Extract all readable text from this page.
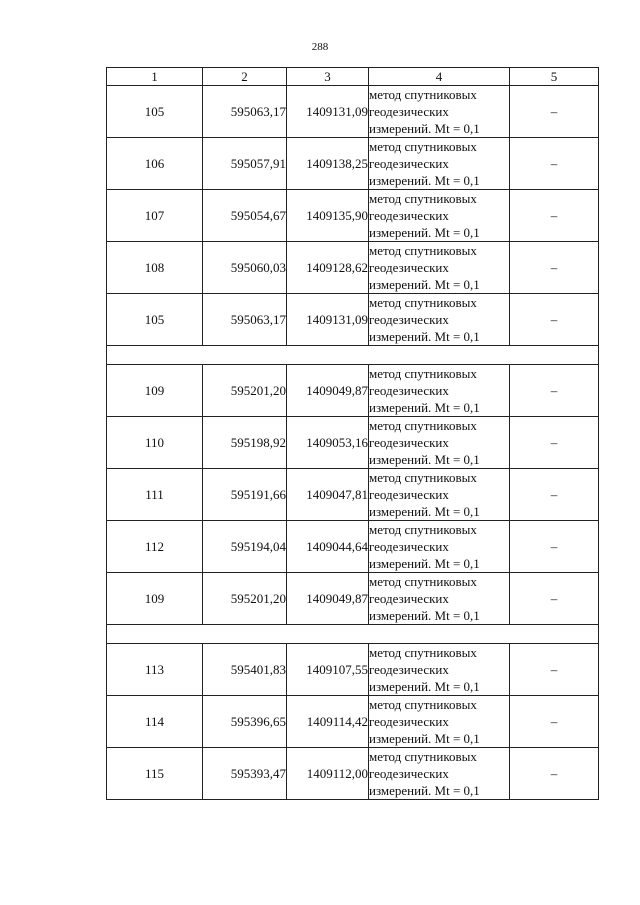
288
1	2	3	4	5
105	595063,17	1409131,09	метод спутниковых
геодезических
измерений. Mt = 0,1	–
106	595057,91	1409138,25	метод спутниковых
геодезических
измерений. Mt = 0,1	–
107	595054,67	1409135,90	метод спутниковых
геодезических
измерений. Mt = 0,1	–
108	595060,03	1409128,62	метод спутниковых
геодезических
измерений. Mt = 0,1	–
105	595063,17	1409131,09	метод спутниковых
геодезических
измерений. Mt = 0,1	–

109	595201,20	1409049,87	метод спутниковых
геодезических
измерений. Mt = 0,1	–
110	595198,92	1409053,16	метод спутниковых
геодезических
измерений. Mt = 0,1	–
111	595191,66	1409047,81	метод спутниковых
геодезических
измерений. Mt = 0,1	–
112	595194,04	1409044,64	метод спутниковых
геодезических
измерений. Mt = 0,1	–
109	595201,20	1409049,87	метод спутниковых
геодезических
измерений. Mt = 0,1	–

113	595401,83	1409107,55	метод спутниковых
геодезических
измерений. Mt = 0,1	–
114	595396,65	1409114,42	метод спутниковых
геодезических
измерений. Mt = 0,1	–
115	595393,47	1409112,00	метод спутниковых
геодезических
измерений. Mt = 0,1	–
